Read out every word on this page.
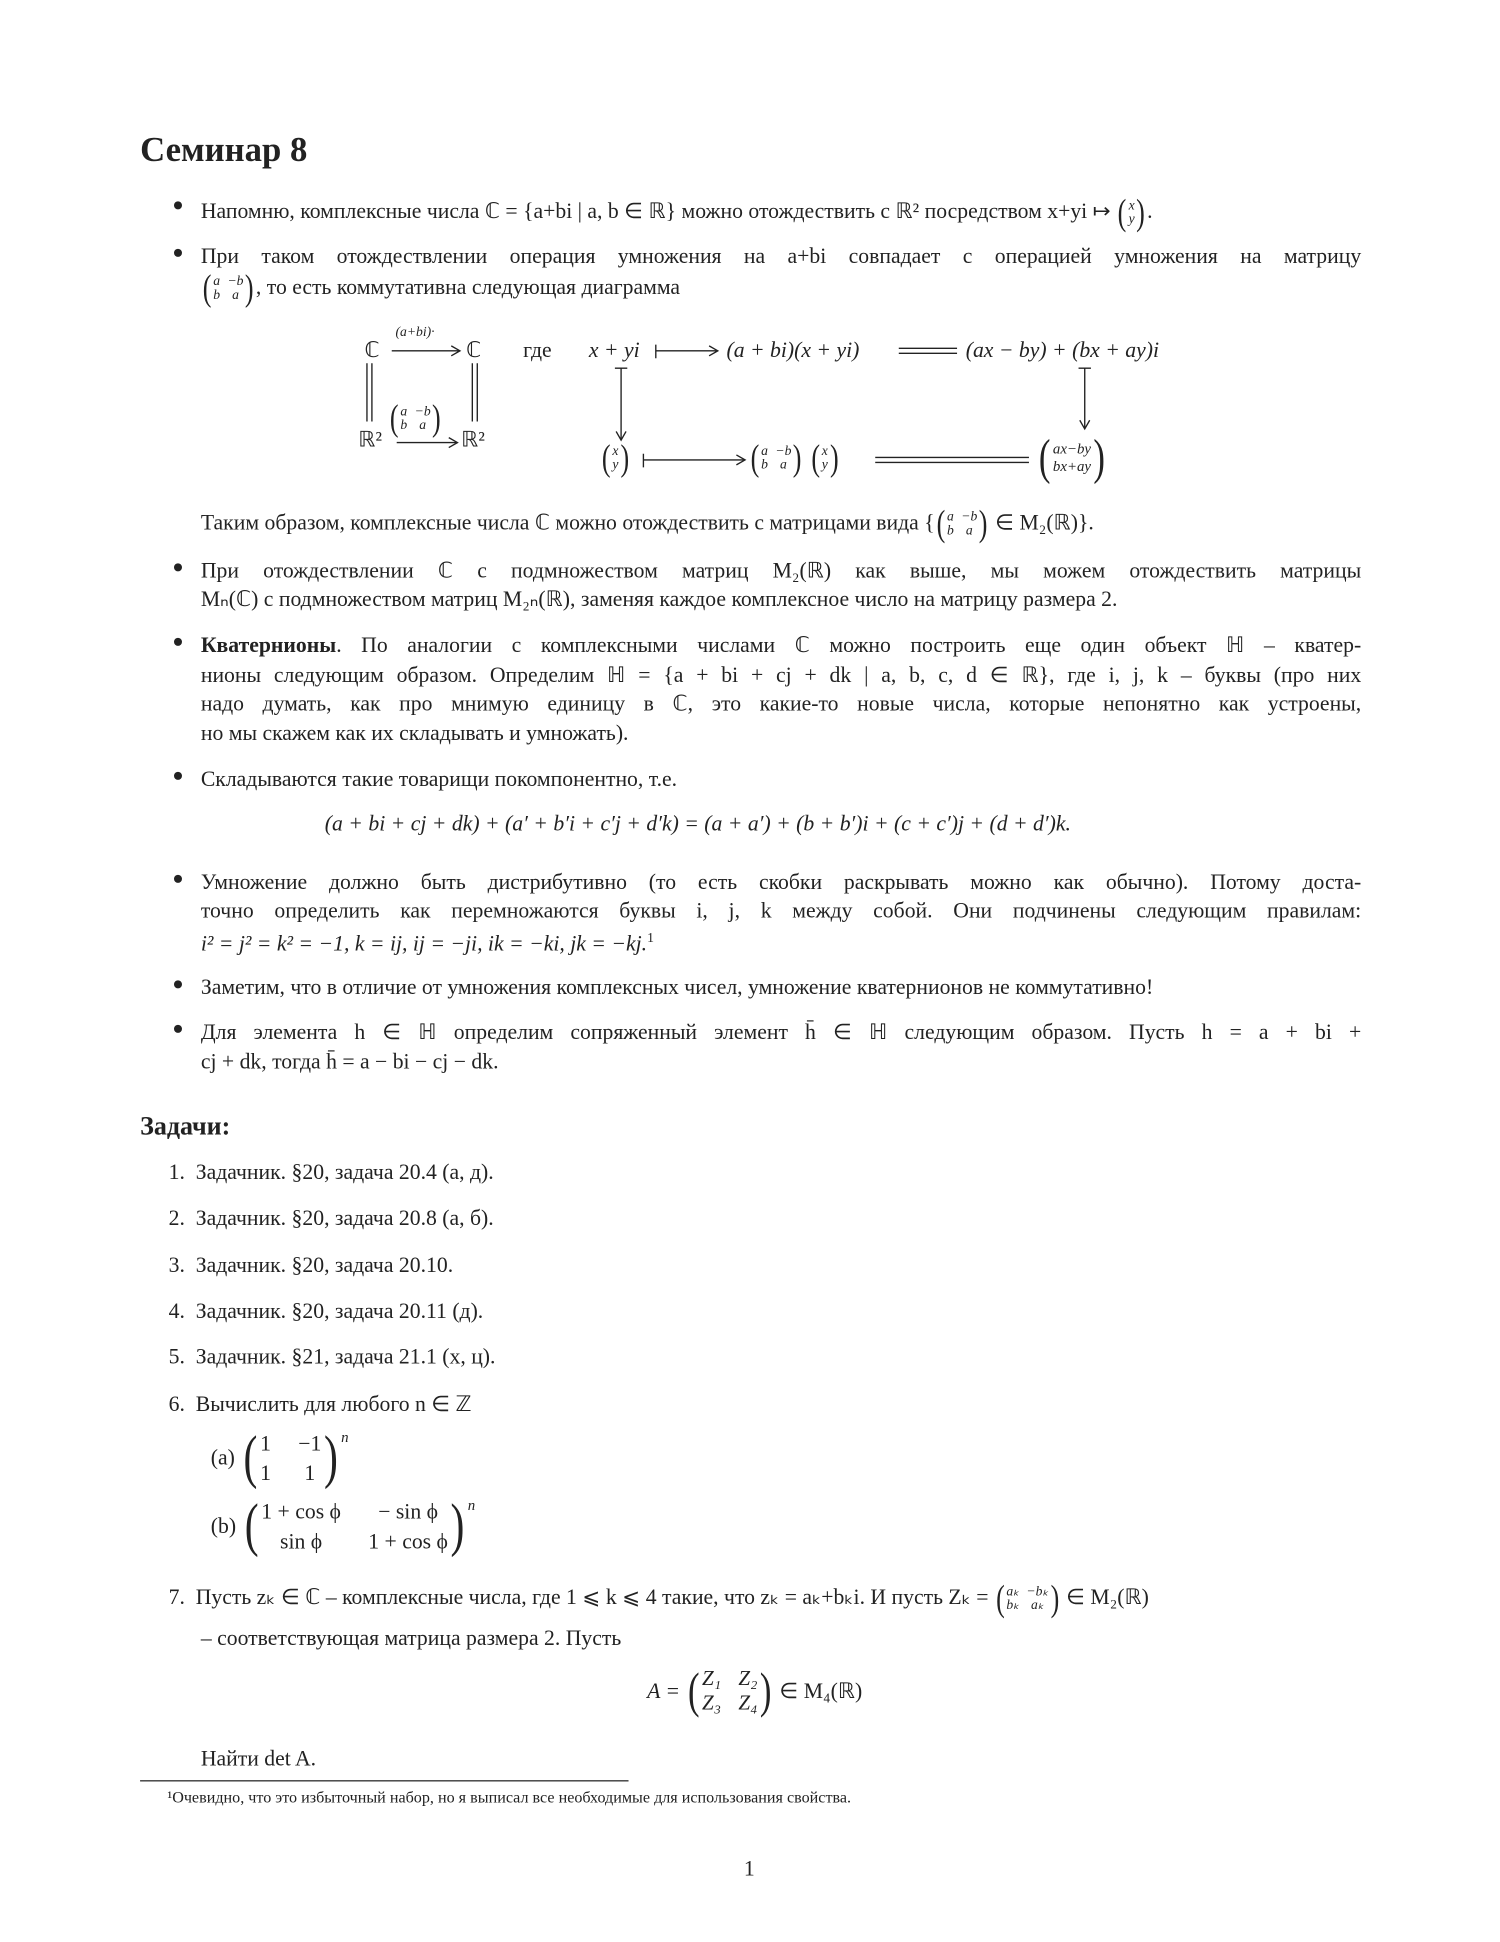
Семинар 8
● Напомню, комплексные числа ℂ = {a+bi | a, b ∈ ℝ} можно отождествить с ℝ² посредством x+yi ↦ ( x
y ) .
● При таком отождествлении операция умножения на a+bi совпадает с операцией умножения на матрицу
( a −b
b	a ) , то есть коммутативна следующая диаграмма
ℂ	ℂ
(a+bi)·
ℝ²	ℝ²
( a −b
b	a )
где x + yi	(a + bi)(x + yi)	(ax − by) + (bx + ay)i
( x
y )	( a −b
b	a )
( x
y )	( ax−by
bx+ay )
Таким образом, комплексные числа ℂ можно отождествить с матрицами вида { ( a −b
b	a ) ∈ M₂(ℝ)}.
● При отождествлении ℂ с подмножеством матриц M₂(ℝ) как выше, мы можем отождествить матрицы
Mₙ(ℂ) с подмножеством матриц M₂ₙ(ℝ), заменяя каждое комплексное число на матрицу размера 2.
● Кватернионы. По аналогии с комплексными числами ℂ можно построить еще один объект ℍ – кватер-
нионы следующим образом. Определим ℍ = {a + bi + cj + dk | a, b, c, d ∈ ℝ}, где i, j, k – буквы (про них
надо думать, как про мнимую единицу в ℂ, это какие-то новые числа, которые непонятно как устроены,
но мы скажем как их складывать и умножать).
● Складываются такие товарищи покомпонентно, т.е.
(a + bi + cj + dk) + (a′ + b′i + c′j + d′k) = (a + a′) + (b + b′)i + (c + c′)j + (d + d′)k.
● Умножение должно быть дистрибутивно (то есть скобки раскрывать можно как обычно). Потому доста-
точно определить как перемножаются буквы i, j, k между собой. Они подчинены следующим правилам:
i² = j² = k² = −1, k = ij, ij = −ji, ik = −ki, jk = −kj.$^1$
● Заметим, что в отличие от умножения комплексных чисел, умножение кватернионов не коммутативно!
● Для элемента h ∈ ℍ определим сопряженный элемент h̄ ∈ ℍ следующим образом. Пусть h = a + bi +
cj + dk, тогда h̄ = a − bi − cj − dk.
Задачи:
1. Задачник. §20, задача 20.4 (а, д).
2. Задачник. §20, задача 20.8 (а, б).
3. Задачник. §20, задача 20.10.
4. Задачник. §20, задача 20.11 (д).
5. Задачник. §21, задача 21.1 (х, ц).
6. Вычислить для любого n ∈ ℤ
(a) ( 1 −1
1	1 ) $^n$
(b) ( 1 + cos ϕ	− sin ϕ
sin ϕ	1 + cos ϕ ) $^n$
7. Пусть zₖ ∈ ℂ – комплексные числа, где 1 ⩽ k ⩽ 4 такие, что zₖ = aₖ+bₖi. И пусть Zₖ = ( aₖ −bₖ
bₖ	aₖ ) ∈ M₂(ℝ)
– соответствующая матрица размера 2. Пусть
A = ( Z₁ Z₂
Z₃ Z₄ ) ∈ M₄(ℝ)
Найти det A.
¹Очевидно, что это избыточный набор, но я выписал все необходимые для использования свойства.
1
